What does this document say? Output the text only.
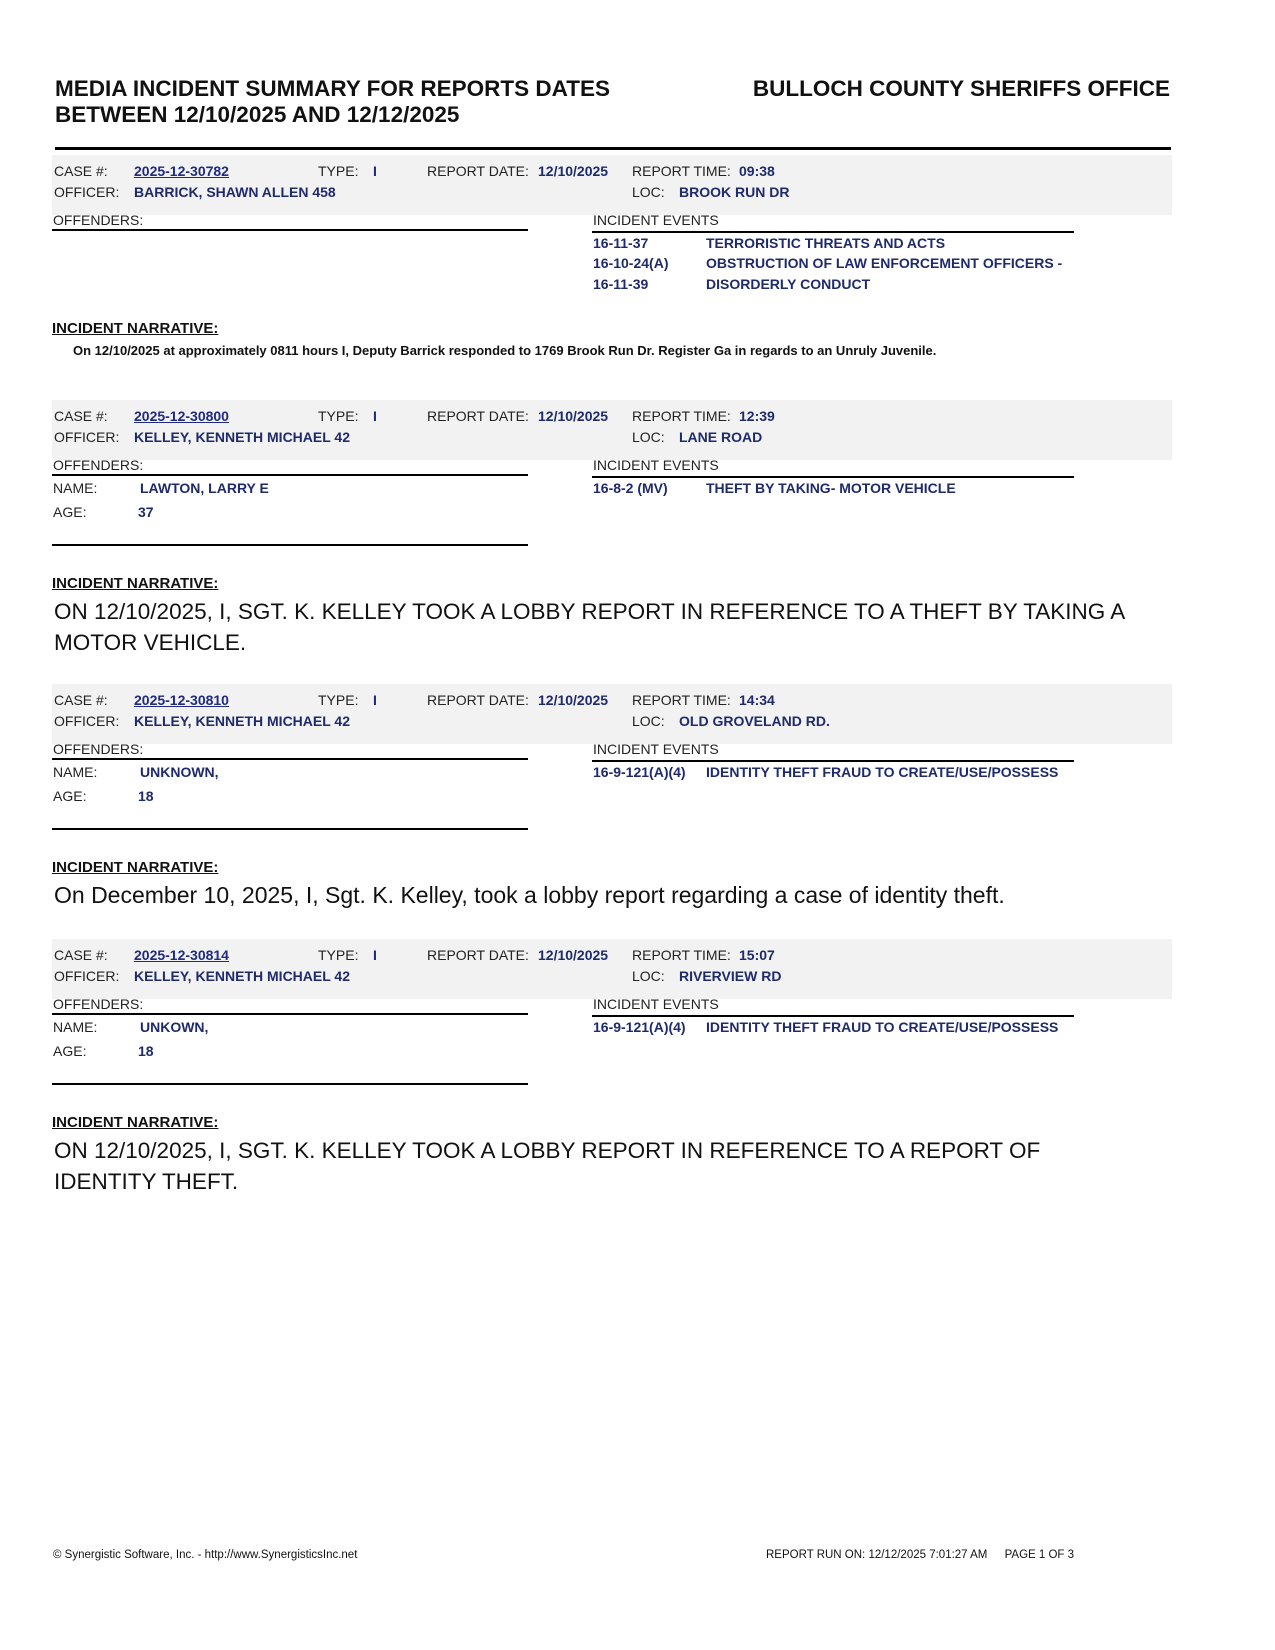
MEDIA INCIDENT SUMMARY FOR REPORTS DATES
BETWEEN 12/10/2025 AND 12/12/2025
BULLOCH COUNTY SHERIFFS OFFICE
CASE #: 2025-12-30782	TYPE: I	REPORT DATE: 12/10/2025 REPORT TIME: 09:38
OFFICER: BARRICK, SHAWN ALLEN 458	LOC: BROOK RUN DR
OFFENDERS:	INCIDENT EVENTS
16-11-37	TERRORISTIC THREATS AND ACTS
16-10-24(A)	OBSTRUCTION OF LAW ENFORCEMENT OFFICERS -
16-11-39	DISORDERLY CONDUCT
INCIDENT NARRATIVE:
On 12/10/2025 at approximately 0811 hours I, Deputy Barrick responded to 1769 Brook Run Dr. Register Ga in regards to an Unruly Juvenile.
CASE #: 2025-12-30800	TYPE: I	REPORT DATE: 12/10/2025 REPORT TIME: 12:39
OFFICER: KELLEY, KENNETH MICHAEL 42	LOC: LANE ROAD
OFFENDERS:
NAME:	LAWTON, LARRY E
AGE:	37
INCIDENT EVENTS
16-8-2 (MV)	THEFT BY TAKING- MOTOR VEHICLE
INCIDENT NARRATIVE:
ON 12/10/2025, I, SGT. K. KELLEY TOOK A LOBBY REPORT IN REFERENCE TO A THEFT BY TAKING A MOTOR VEHICLE.
CASE #: 2025-12-30810	TYPE: I	REPORT DATE: 12/10/2025 REPORT TIME: 14:34
OFFICER: KELLEY, KENNETH MICHAEL 42	LOC: OLD GROVELAND RD.
OFFENDERS:
NAME:	UNKNOWN,
AGE:	18
INCIDENT EVENTS
16-9-121(A)(4) IDENTITY THEFT FRAUD TO CREATE/USE/POSSESS
INCIDENT NARRATIVE:
On December 10, 2025, I, Sgt. K. Kelley, took a lobby report regarding a case of identity theft.
CASE #: 2025-12-30814	TYPE: I	REPORT DATE: 12/10/2025 REPORT TIME: 15:07
OFFICER: KELLEY, KENNETH MICHAEL 42	LOC: RIVERVIEW RD
OFFENDERS:
NAME:	UNKOWN,
AGE:	18
INCIDENT EVENTS
16-9-121(A)(4) IDENTITY THEFT FRAUD TO CREATE/USE/POSSESS
INCIDENT NARRATIVE:
ON 12/10/2025, I, SGT. K. KELLEY TOOK A LOBBY REPORT IN REFERENCE TO A REPORT OF IDENTITY THEFT.
© Synergistic Software, Inc. - http://www.SynergisticsInc.net	REPORT RUN ON: 12/12/2025 7:01:27 AM PAGE 1 OF 3
